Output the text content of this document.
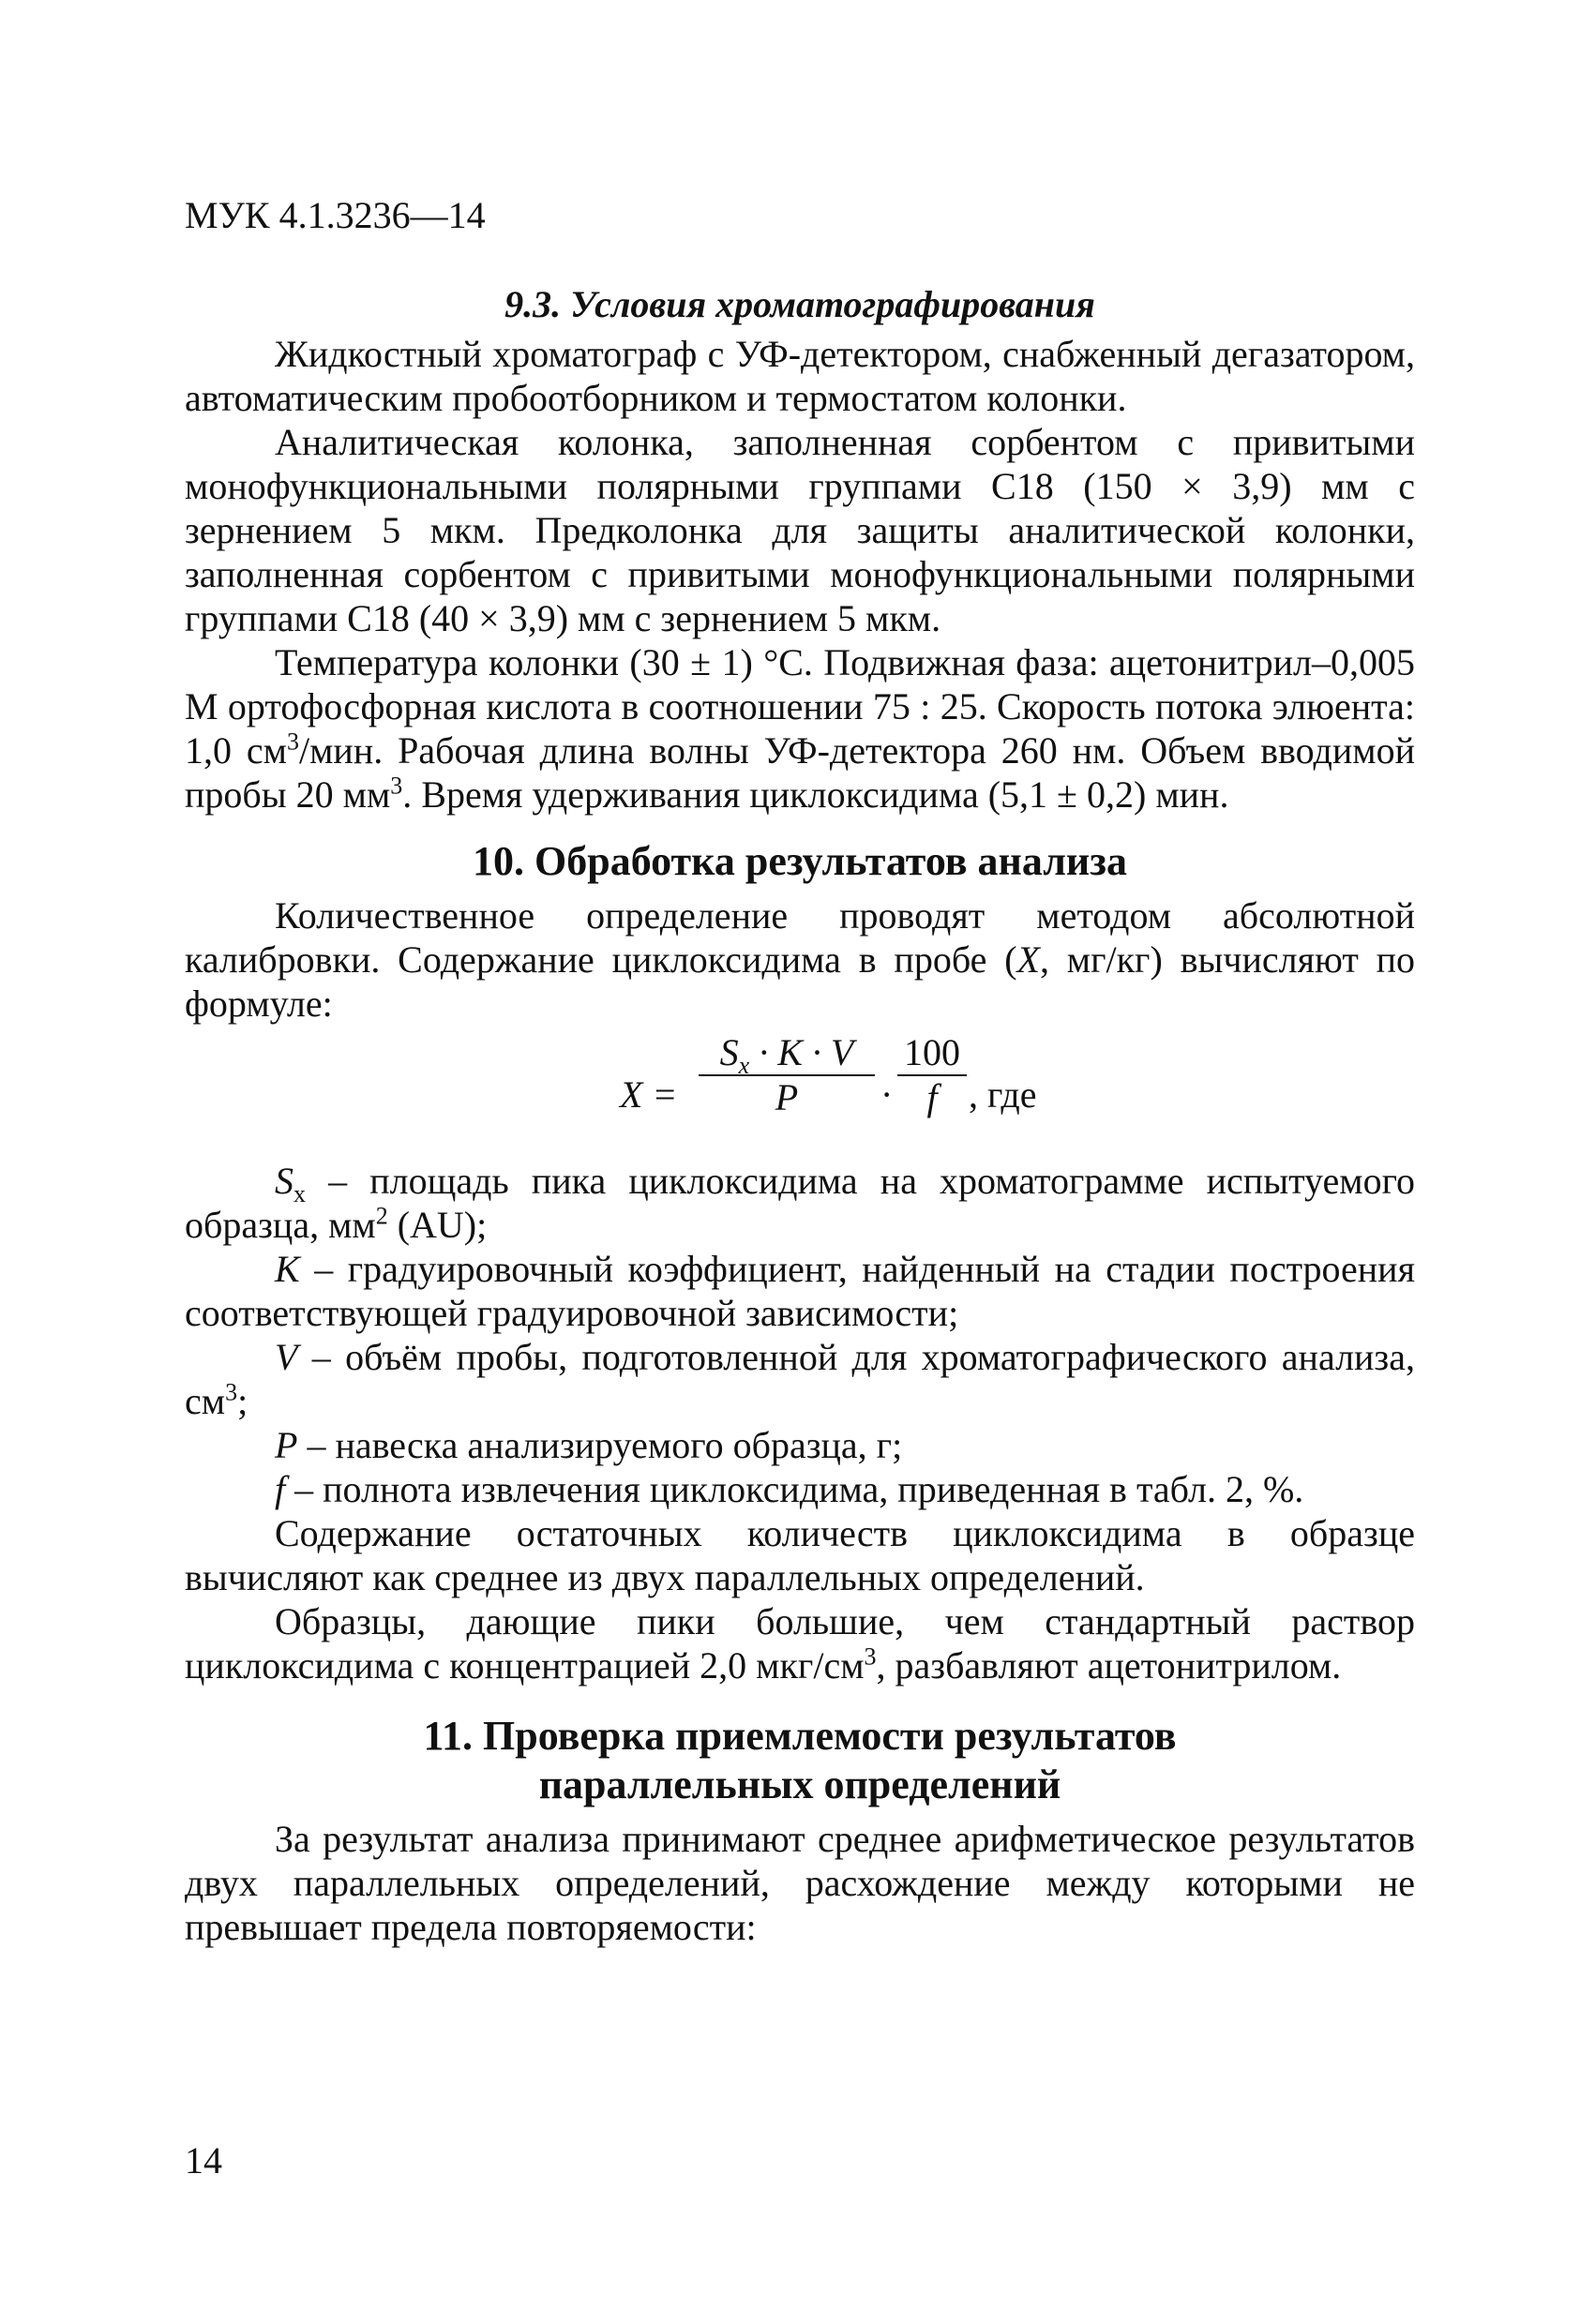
МУК 4.1.3236—14
9.3. Условия хроматографирования

Жидкостный хроматограф с УФ-детектором, снабженный дегазатором, автоматическим пробоотборником и термостатом колонки.

Аналитическая колонка, заполненная сорбентом с привитыми монофункциональными полярными группами С18 (150 × 3,9) мм с зернением 5 мкм. Предколонка для защиты аналитической колонки, заполненная сорбентом с привитыми монофункциональными полярными группами С18 (40 × 3,9) мм с зернением 5 мкм.

Температура колонки (30 ± 1) °С. Подвижная фаза: ацетонитрил–0,005 М ортофосфорная кислота в соотношении 75 : 25. Скорость потока элюента: 1,0 $см^3$/мин. Рабочая длина волны УФ-детектора 260 нм. Объем вводимой пробы 20 $мм^3$. Время удерживания циклоксидима (5,1 ± 0,2) мин.

10. Обработка результатов анализа

Количественное определение проводят методом абсолютной калибровки. Содержание циклоксидима в пробе (X, мг/кг) вычисляют по формуле:

X =
$S_x \cdot K \cdot V$
P	·
100
f , где

$S_x$ – площадь пика циклоксидима на хроматограмме испытуемого образца, $мм^2$ (AU);

K – градуировочный коэффициент, найденный на стадии построения соответствующей градуировочной зависимости;

V – объём пробы, подготовленной для хроматографического анализа, $см^3$;

P – навеска анализируемого образца, г;

f – полнота извлечения циклоксидима, приведенная в табл. 2, %.

Содержание остаточных количеств циклоксидима в образце вычисляют как среднее из двух параллельных определений.

Образцы, дающие пики большие, чем стандартный раствор циклоксидима с концентрацией 2,0 мкг/$см^3$, разбавляют ацетонитрилом.

11. Проверка приемлемости результатов
параллельных определений

За результат анализа принимают среднее арифметическое результатов двух параллельных определений, расхождение между которыми не превышает предела повторяемости:

14
